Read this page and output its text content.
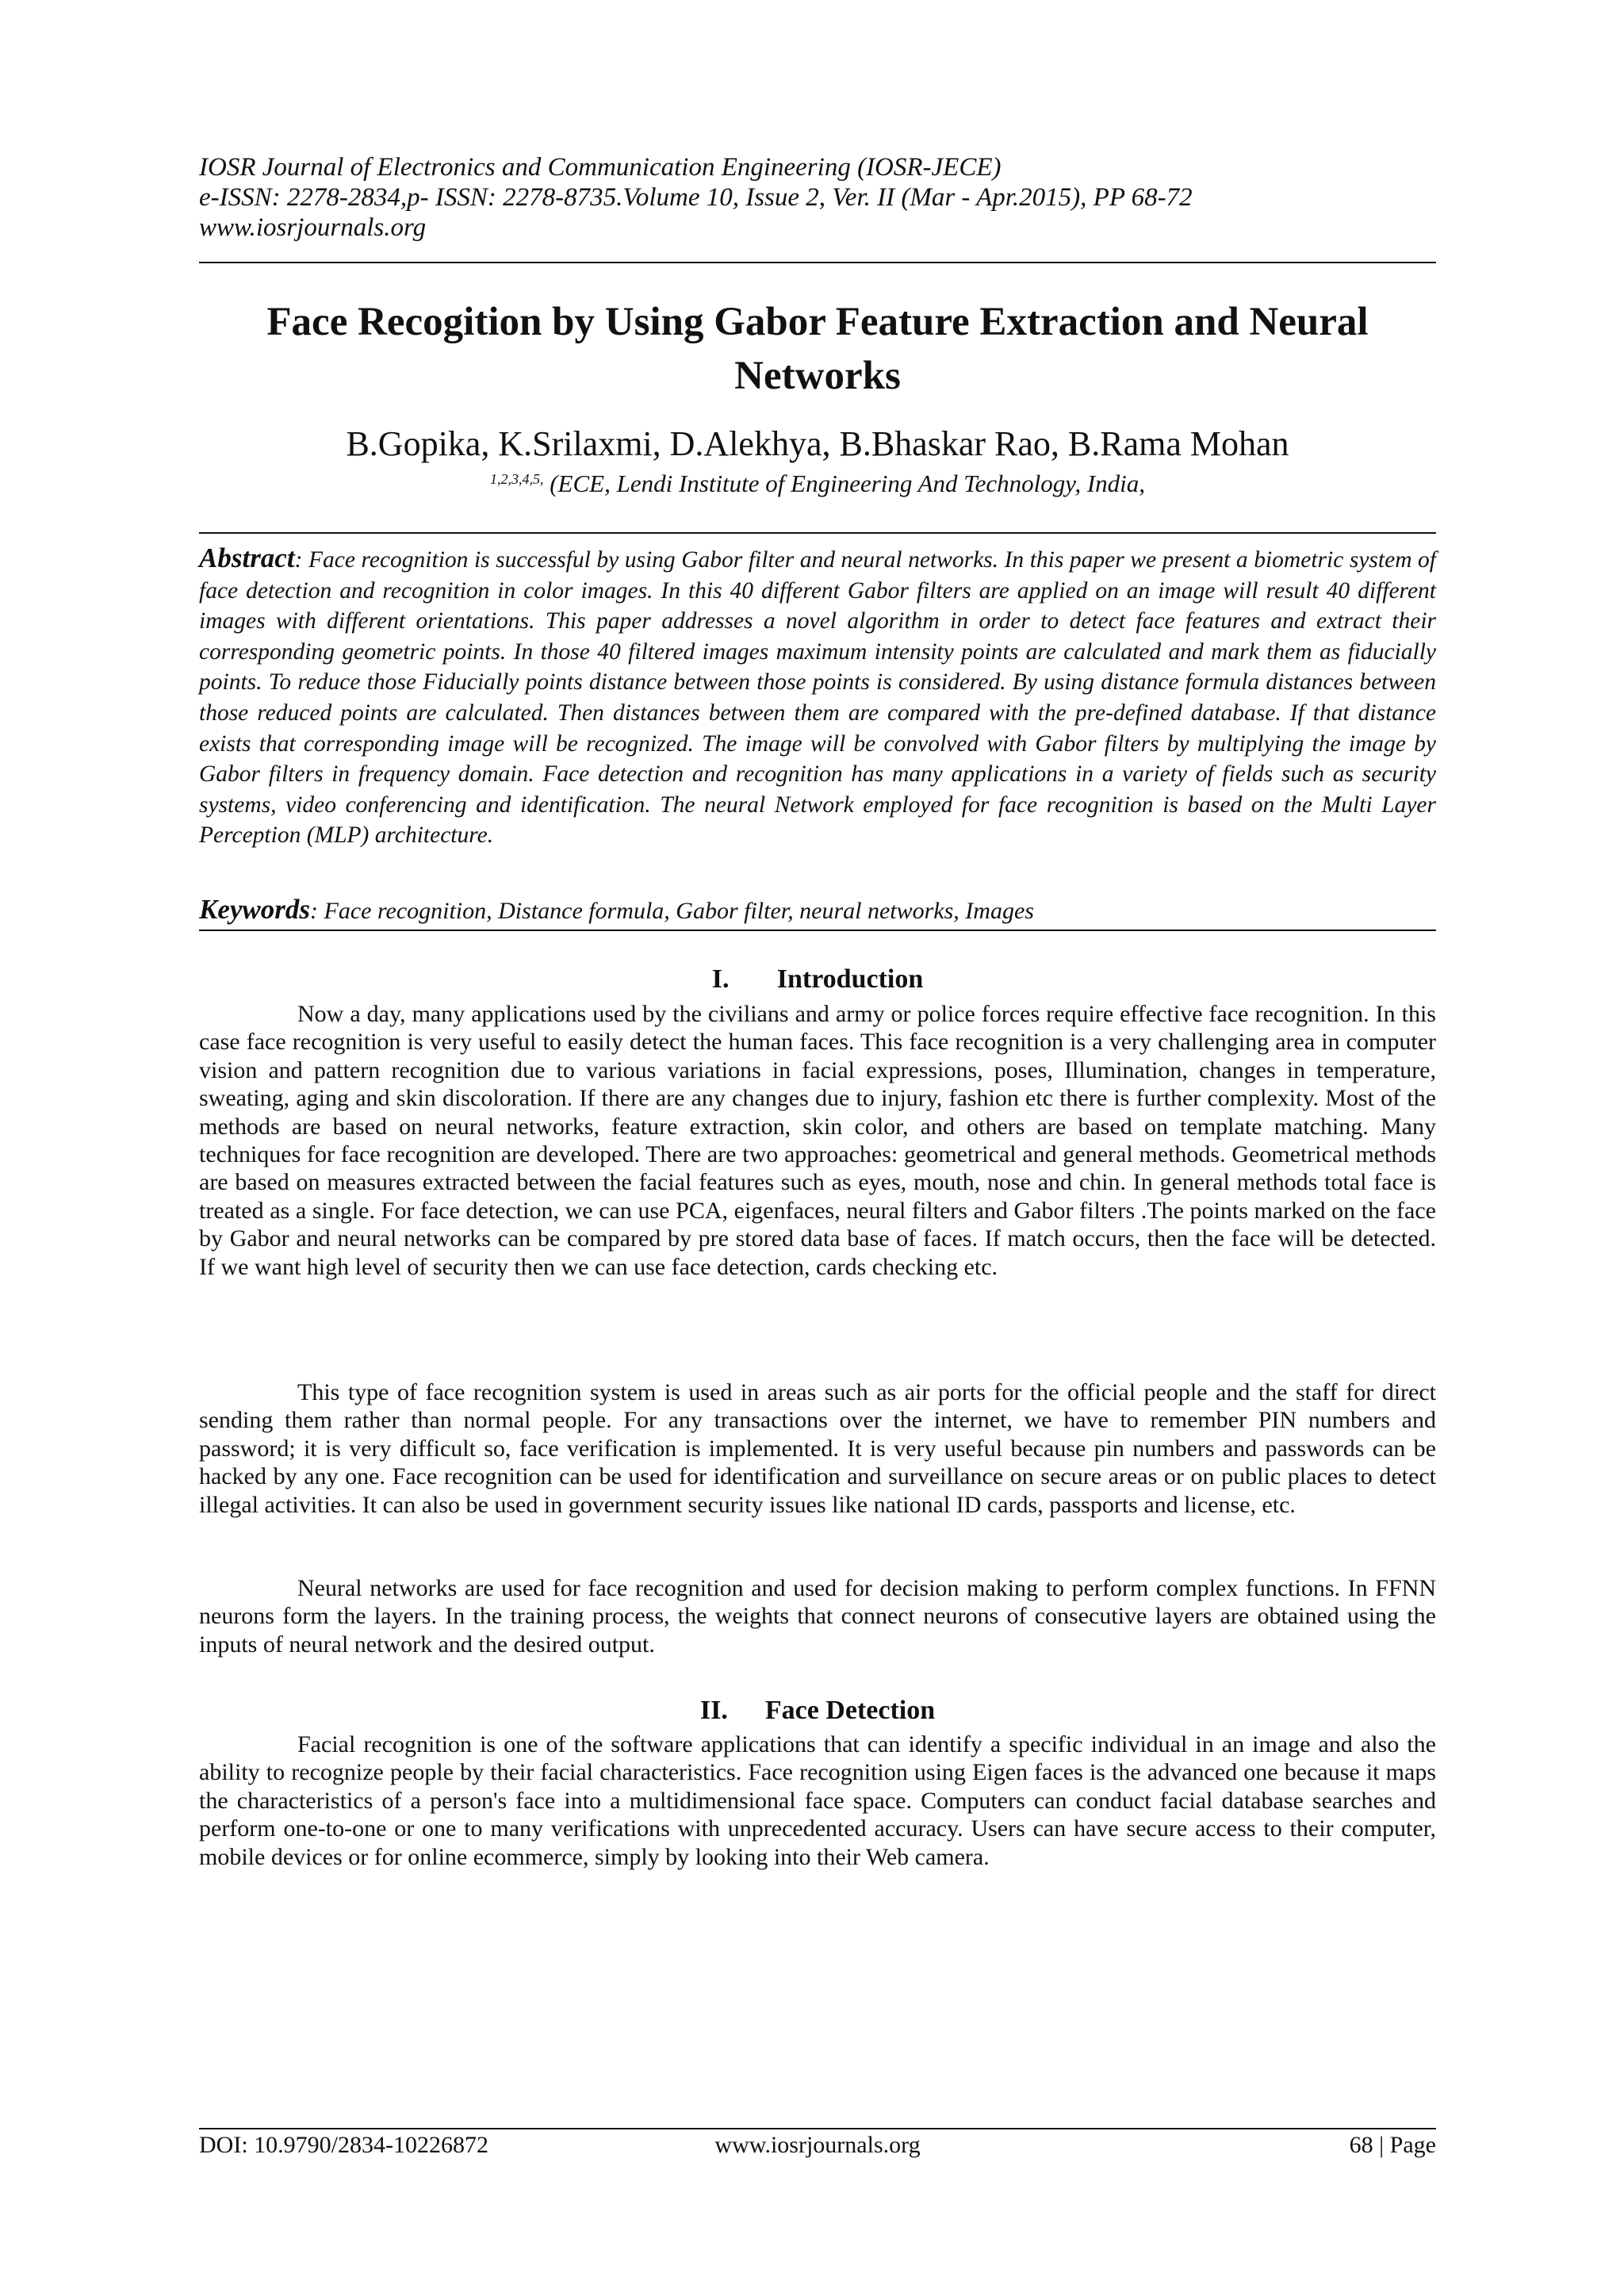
IOSR Journal of Electronics and Communication Engineering (IOSR-JECE)
e-ISSN: 2278-2834,p- ISSN: 2278-8735.Volume 10, Issue 2, Ver. II (Mar - Apr.2015), PP 68-72
www.iosrjournals.org
Face Recogition by Using Gabor Feature Extraction and Neural
Networks
B.Gopika, K.Srilaxmi, D.Alekhya, B.Bhaskar Rao, B.Rama Mohan
$^{1,2,3,4,5,}$ (ECE, Lendi Institute of Engineering And Technology, India,
Abstract: Face recognition is successful by using Gabor filter and neural networks. In this paper we present a biometric system of face detection and recognition in color images. In this 40 different Gabor filters are applied on an image will result 40 different images with different orientations. This paper addresses a novel algorithm in order to detect face features and extract their corresponding geometric points. In those 40 filtered images maximum intensity points are calculated and mark them as fiducially points. To reduce those Fiducially points distance between those points is considered. By using distance formula distances between those reduced points are calculated. Then distances between them are compared with the pre-defined database. If that distance exists that corresponding image will be recognized. The image will be convolved with Gabor filters by multiplying the image by Gabor filters in frequency domain. Face detection and recognition has many applications in a variety of fields such as security systems, video conferencing and identification. The neural Network employed for face recognition is based on the Multi Layer Perception (MLP) architecture.
Keywords: Face recognition, Distance formula, Gabor filter, neural networks, Images
I. Introduction

Now a day, many applications used by the civilians and army or police forces require effective face recognition. In this case face recognition is very useful to easily detect the human faces. This face recognition is a very challenging area in computer vision and pattern recognition due to various variations in facial expressions, poses, Illumination, changes in temperature, sweating, aging and skin discoloration. If there are any changes due to injury, fashion etc there is further complexity. Most of the methods are based on neural networks, feature extraction, skin color, and others are based on template matching. Many techniques for face recognition are developed. There are two approaches: geometrical and general methods. Geometrical methods are based on measures extracted between the facial features such as eyes, mouth, nose and chin. In general methods total face is treated as a single. For face detection, we can use PCA, eigenfaces, neural filters and Gabor filters .The points marked on the face by Gabor and neural networks can be compared by pre stored data base of faces. If match occurs, then the face will be detected. If we want high level of security then we can use face detection, cards checking etc.

This type of face recognition system is used in areas such as air ports for the official people and the staff for direct sending them rather than normal people. For any transactions over the internet, we have to remember PIN numbers and password; it is very difficult so, face verification is implemented. It is very useful because pin numbers and passwords can be hacked by any one. Face recognition can be used for identification and surveillance on secure areas or on public places to detect illegal activities. It can also be used in government security issues like national ID cards, passports and license, etc.

Neural networks are used for face recognition and used for decision making to perform complex functions. In FFNN neurons form the layers. In the training process, the weights that connect neurons of consecutive layers are obtained using the inputs of neural network and the desired output.

II. Face Detection

Facial recognition is one of the software applications that can identify a specific individual in an image and also the ability to recognize people by their facial characteristics. Face recognition using Eigen faces is the advanced one because it maps the characteristics of a person's face into a multidimensional face space. Computers can conduct facial database searches and perform one-to-one or one to many verifications with unprecedented accuracy. Users can have secure access to their computer, mobile devices or for online ecommerce, simply by looking into their Web camera.

DOI: 10.9790/2834-10226872	www.iosrjournals.org	68 | Page
